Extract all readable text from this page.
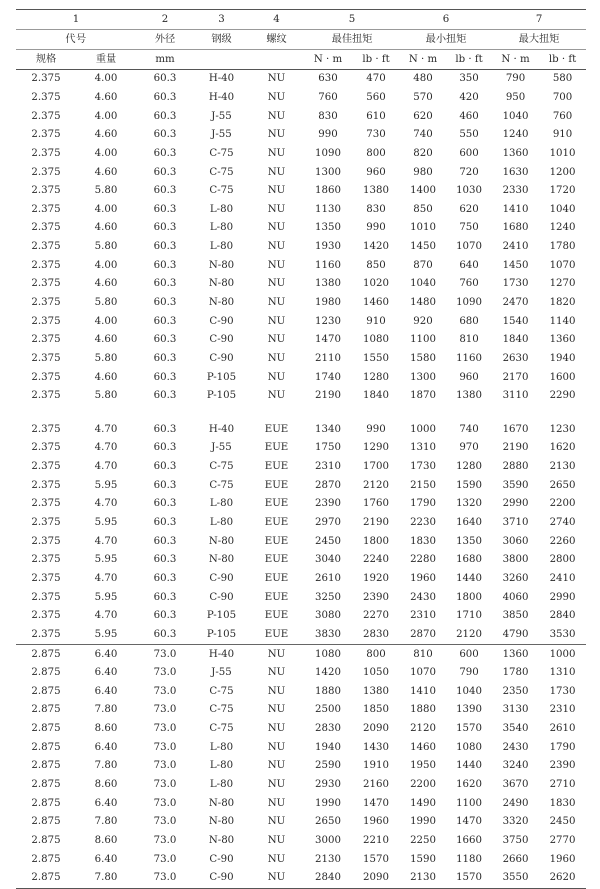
1		2	3	4	5		6		7	
代号		外径	钢级	螺纹	最佳扭矩		最小扭矩		最大扭矩	
规格	重量	mm			N · m	lb · ft	N · m	lb · ft	N · m	lb · ft
2.375	4.00	60.3	H-40	NU	630	470	480	350	790	580
2.375	4.60	60.3	H-40	NU	760	560	570	420	950	700
2.375	4.00	60.3	J-55	NU	830	610	620	460	1040	760
2.375	4.60	60.3	J-55	NU	990	730	740	550	1240	910
2.375	4.00	60.3	C-75	NU	1090	800	820	600	1360	1010
2.375	4.60	60.3	C-75	NU	1300	960	980	720	1630	1200
2.375	5.80	60.3	C-75	NU	1860	1380	1400	1030	2330	1720
2.375	4.00	60.3	L-80	NU	1130	830	850	620	1410	1040
2.375	4.60	60.3	L-80	NU	1350	990	1010	750	1680	1240
2.375	5.80	60.3	L-80	NU	1930	1420	1450	1070	2410	1780
2.375	4.00	60.3	N-80	NU	1160	850	870	640	1450	1070
2.375	4.60	60.3	N-80	NU	1380	1020	1040	760	1730	1270
2.375	5.80	60.3	N-80	NU	1980	1460	1480	1090	2470	1820
2.375	4.00	60.3	C-90	NU	1230	910	920	680	1540	1140
2.375	4.60	60.3	C-90	NU	1470	1080	1100	810	1840	1360
2.375	5.80	60.3	C-90	NU	2110	1550	1580	1160	2630	1940
2.375	4.60	60.3	P-105	NU	1740	1280	1300	960	2170	1600
2.375	5.80	60.3	P-105	NU	2190	1840	1870	1380	3110	2290

2.375	4.70	60.3	H-40	EUE	1340	990	1000	740	1670	1230
2.375	4.70	60.3	J-55	EUE	1750	1290	1310	970	2190	1620
2.375	4.70	60.3	C-75	EUE	2310	1700	1730	1280	2880	2130
2.375	5.95	60.3	C-75	EUE	2870	2120	2150	1590	3590	2650
2.375	4.70	60.3	L-80	EUE	2390	1760	1790	1320	2990	2200
2.375	5.95	60.3	L-80	EUE	2970	2190	2230	1640	3710	2740
2.375	4.70	60.3	N-80	EUE	2450	1800	1830	1350	3060	2260
2.375	5.95	60.3	N-80	EUE	3040	2240	2280	1680	3800	2800
2.375	4.70	60.3	C-90	EUE	2610	1920	1960	1440	3260	2410
2.375	5.95	60.3	C-90	EUE	3250	2390	2430	1800	4060	2990
2.375	4.70	60.3	P-105	EUE	3080	2270	2310	1710	3850	2840
2.375	5.95	60.3	P-105	EUE	3830	2830	2870	2120	4790	3530
2.875	6.40	73.0	H-40	NU	1080	800	810	600	1360	1000
2.875	6.40	73.0	J-55	NU	1420	1050	1070	790	1780	1310
2.875	6.40	73.0	C-75	NU	1880	1380	1410	1040	2350	1730
2.875	7.80	73.0	C-75	NU	2500	1850	1880	1390	3130	2310
2.875	8.60	73.0	C-75	NU	2830	2090	2120	1570	3540	2610
2.875	6.40	73.0	L-80	NU	1940	1430	1460	1080	2430	1790
2.875	7.80	73.0	L-80	NU	2590	1910	1950	1440	3240	2390
2.875	8.60	73.0	L-80	NU	2930	2160	2200	1620	3670	2710
2.875	6.40	73.0	N-80	NU	1990	1470	1490	1100	2490	1830
2.875	7.80	73.0	N-80	NU	2650	1960	1990	1470	3320	2450
2.875	8.60	73.0	N-80	NU	3000	2210	2250	1660	3750	2770
2.875	6.40	73.0	C-90	NU	2130	1570	1590	1180	2660	1960
2.875	7.80	73.0	C-90	NU	2840	2090	2130	1570	3550	2620
